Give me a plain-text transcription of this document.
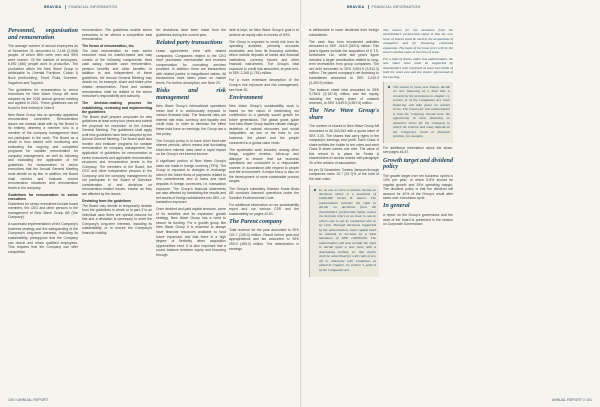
BRAVIDA FINANCIAL INFORMATION
Personnel, organisation and remuneration

The average number of annual employees as of December 31 amounted to 2,145 (2,068) people, of which 88% were men and 95% were women. Of the number of employees, 8,092 (480) people work in production. The production within the New Wave Group is attributable to Oriental Furniture, Cotton & Buck (embroidery), Texet, Rulla, Dzeekee, Sagaform and Toppoint.

The guidelines for remuneration to senior executives for New Wave Group AB were adopted by the 2018 annual general meeting and applied in 2021. These guidelines can be found in their entirety in Note 8.

New Wave Group has no specially appointed remuneration committee. Remuneration issues are instead dealt with by the Board in its entirety, whereby a member who is a member of the company management does not participate in the work. The Board as a whole is thus tasked with monitoring and evaluating the ongoing and completed programs for variable remuneration for company management, as well as following and evaluating the application of the guidelines for remuneration to senior executives that the Annual General Meeting must decide on by law. In addition, the Board shall monitor and evaluate current remuneration structures and remuneration levels in the company.

Guidelines for remuneration to senior executives

Guidelines for senior executives include board members, the CEO and other persons in the management of New Wave Group AB ('the Company').

A successful implementation of the Company's business strategy and the safeguarding of the Company's long-term interests, including its sustainability, presuppose that the Company can recruit and retain qualified employees. This requires that the Company can offer competitive

remuneration. The guidelines enable senior executives to be offered a competitive total remuneration.

The forms of remuneration, etc.

The total remuneration for each senior executive must be market-based and may consist of the following components: fixed cash salary, variable cash remuneration, pension benefits and other benefits. In addition to and independent of these guidelines, the Annual General Meeting may decide on, for example, share and share price related remuneration. Fixed and variable remuneration shall be related to the senior executive's responsibility and authority.

The decision-making process for establishing, reviewing and implementing the guidelines

The Board shall prepare proposals for new guidelines at least every four years and submit the proposal for resolution at the Annual General Meeting. The guidelines shall apply until new guidelines have been adopted by the Annual General Meeting. The Board shall also monitor and evaluate programs for variable remuneration for company management, the application of guidelines for remuneration to senior executives and applicable remuneration structures and remuneration levels in the Company. The members of the Board, the CEO and other independent persons in the Company and the company management do not participate in the Board of Directors' consideration of and decisions on remuneration-related issues, insofar as they are affected by the issues.

Deviating from the guidelines

The Board may decide to temporarily deviate from the guidelines in whole or in part, if in an individual case there are special reasons for this and a deviation is necessary to meet the Company's long-term interests, including its sustainability, or to ensure the Company's financial viability.

No deviations have been made from the guidelines during the current year.

Related party transactions

Lease agreements exist with related companies. Companies related to the CEO have purchased merchandise and received compensation for consulting services provided. In addition, there are transactions with related parties in insignificant values. All transactions have taken place on market terms. For further description, see Note 29.

Risks and risk management

New Wave Group's international operations mean that it is continuously exposed to various financial risks. The financial risks are interest rate risks, currency and liquidity and credit risks. In order to minimise the effect these risks have on earnings, the Group has a risk policy.

The Group's policy is to have short fixed-rate interest periods, which means that fluctuating short-term interest rates have a rapid impact on the Group's net interest income.

A significant portion of New Wave Group's sales are made in foreign currency (79%). The Group is exposed to changes in exchange rates in the future flows of payments related to firm commitments and to loans and bank deposits in foreign currencies, i.e. transaction exposure. The Group's financial statements are also affected by translating the results and net assets of foreign subsidiaries into SEK, i.e. translation exposure.

Once decided and paid capital amounts, some of its activities and its expansion growth strategy, New Wave Group has a need to secure its funding. For a growth group like New Wave Group it is essential to always have financial resources available to fund future expansion and that there is a high degree of flexibility when acquisition opportunities exist. It is also important that a sound balance between equity and financing through

debt is kept, as New Wave Group's goal is to achieve an equity ratio in excess of 40%.

The Group is exposed to credit risk from its operating activities, primarily accounts receivable, and from its financing activities, which include deposits at banks and financial institutions, currency futures and other financial instruments. The Group's total exposure to credit risk amounted, at year-end, to SEK 2,268 (1,791) million.

For a more extensive description of the Group's risk exposure and risk management, see Note 30.

Environment

New Wave Group's sustainability work is based on the vision of maximising our contribution to a globally sound growth for future generations. The global goals guide how New Wave Group tackles climate change, depletion of natural resources and social inequalities, as one of the risks to our business, the planet and the people connected to a global value chain.

The systematic work includes, among other things, supplier reviews, follow-up and dialogue to ensure that our business operations are conducted in a responsible manner, in accordance with respect to people and the environment. A major focus is also on the development of more sustainable product ranges.

The Group's subsidiary Sweden Kosta Boda AB conducts licensed operations under the Swedish Environmental Code.

For additional information on our sustainability report and our various CSR and the sustainability on pages 42-61.

The Parent company

Total revenue for the year amounted to SEK 101.7 (139.0) million. Result before year-end appropriations and tax amounted to SEK 253.9 (459.3) million. The deterioration in earnings

100 // ANNUAL REPORT
BRAVIDA FINANCIAL INFORMATION

is attributable to lower dividends from foreign subsidiaries.

The cash flow from investment activities amounted to SEK -416.9 (269.3) million. This year's figures include the acquisition of K.T.S. Activewear Ltd., while last year's figure includes a larger amortisation related to long-term receivables from group companies. The net debt amounted to SEK 3,964.9 (3,912.3) million. The parent company's net financing to subsidiaries amounted to SEK 3,319.9 (3,492.9) million.

The balance sheet total amounted to SEK 9,754.6 (9,167.8) million and the equity, including the equity share of untaxed reserves, to SEK 3,849.5 (3,557.6) million.

The New Wave Group's share

The number of shares in New Wave Group AB amounted to 66,343,543 with a quota value of SEK 3.00. The shares that carry rights in the company's earnings and profit. Each Class A share entitles the holder to ten votes and each Class B share carries one vote. The value of this refund is in place for Series A shareholders to access shares with paragraph 30 of the articles of association.

As per 31 December, Torsten Jansson through companies owns 10.7 (32.7)% of the total of the total votes.

In, as one or more occasions, decide on decisions which is a maximum of 6,600,000 Series B shares. The authorisation includes the right to decide on decisions from the shareholders' preferential rights, unless the decision refers to an issue in non-in which case it can be conducted with or by cash. Through decisions supported by the authorisation, share capital shall be allowed to increase by a total maximum of SEK 19,800,000. The authorisation will also include the right to decide upon a new issue with a dominating method, i.e. that shares shall be subscribed for with right of set-off or otherwise with conditions as stated in Chapter 13, section 5, point 6 of the Companies Act.

The reason for the deviation from the shareholders' preferential rights is that the new issue of shares shall be used in the acquisition of companies and for financing continued expansion. The basis of the issue price will be the share's market value at the time of issue.

For a total of shares under this authorisation, the new share issue must be supported by shareholders who represent at least two-thirds of both the votes cast and the shares represented at the meeting.

The reason to issue new shares, decide on new financing of a kind that is covered by the provisions in chapter 11, section 11 of the Companies Act. Such financing will take place on market terms. The reason for this authorisation is that the Company should have the opportunity to raise financing on attractive terms for the Company in which the interest and many depend on the Company's result or financial position, for example.

For additional information about the share, see pages 46-47.

Growth target and dividend policy

The growth target over ten business cycles is 10% per year, of which 8.8% should be organic growth and 15% operating margin. The dividend policy is that the dividend will account for 40% of the Group's result after taxes over a business cycle.

In general

A report on the Group's governance and the work of the board is presented in the section on Corporate Governance.

ANNUAL REPORT // 101
